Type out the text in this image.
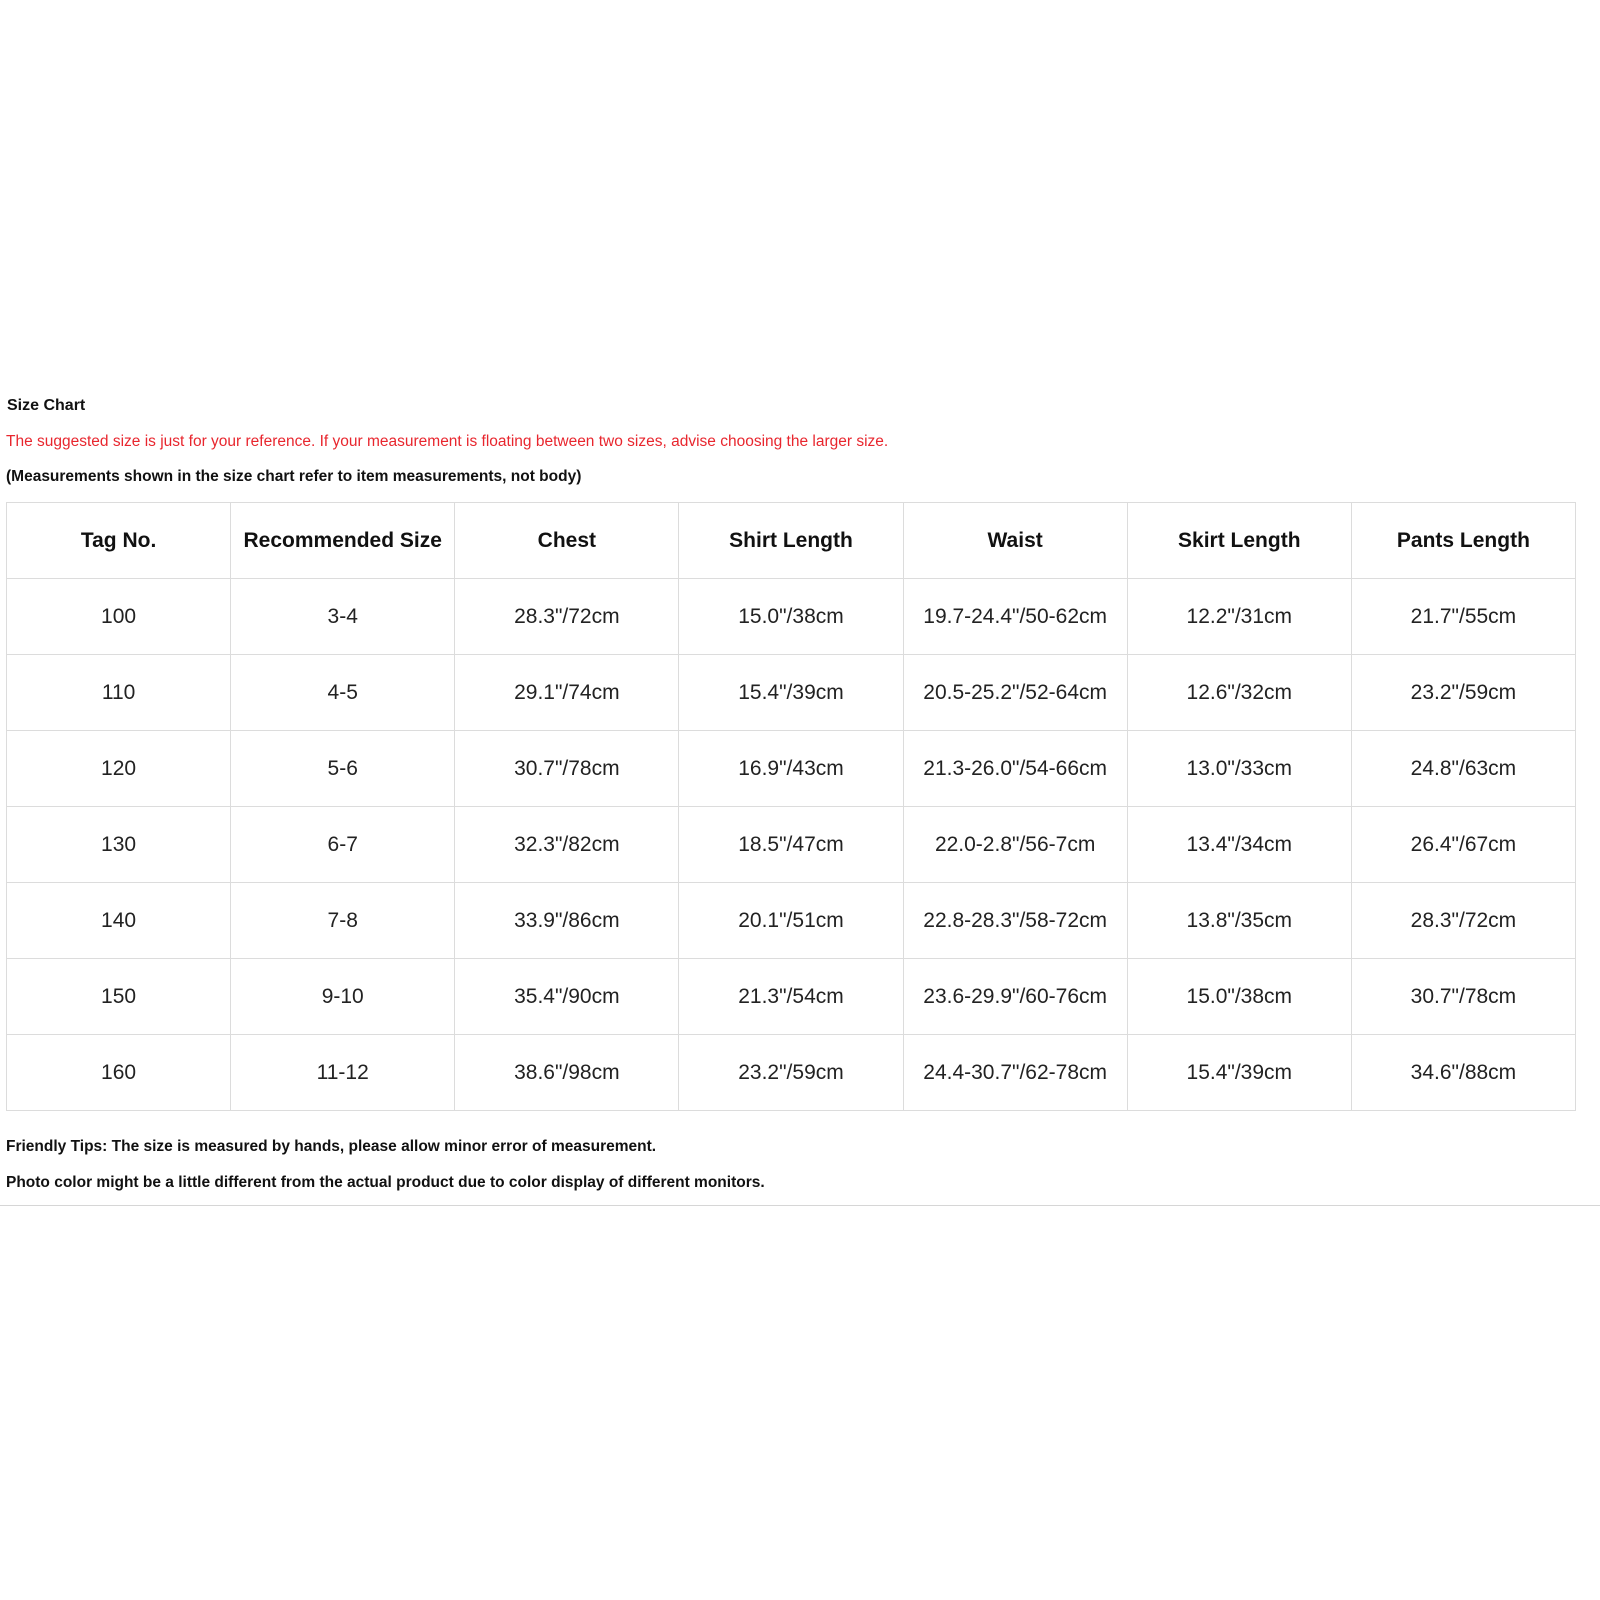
Size Chart
The suggested size is just for your reference. If your measurement is floating between two sizes, advise choosing the larger size.
(Measurements shown in the size chart refer to item measurements, not body)
Tag No.	Recommended Size	Chest	Shirt Length	Waist	Skirt Length	Pants Length
100	3-4	28.3"/72cm	15.0"/38cm	19.7-24.4"/50-62cm	12.2"/31cm	21.7"/55cm
110	4-5	29.1"/74cm	15.4"/39cm	20.5-25.2"/52-64cm	12.6"/32cm	23.2"/59cm
120	5-6	30.7"/78cm	16.9"/43cm	21.3-26.0"/54-66cm	13.0"/33cm	24.8"/63cm
130	6-7	32.3"/82cm	18.5"/47cm	22.0-2.8"/56-7cm	13.4"/34cm	26.4"/67cm
140	7-8	33.9"/86cm	20.1"/51cm	22.8-28.3"/58-72cm	13.8"/35cm	28.3"/72cm
150	9-10	35.4"/90cm	21.3"/54cm	23.6-29.9"/60-76cm	15.0"/38cm	30.7"/78cm
160	11-12	38.6"/98cm	23.2"/59cm	24.4-30.7"/62-78cm	15.4"/39cm	34.6"/88cm

Friendly Tips: The size is measured by hands, please allow minor error of measurement.

Photo color might be a little different from the actual product due to color display of different monitors.
